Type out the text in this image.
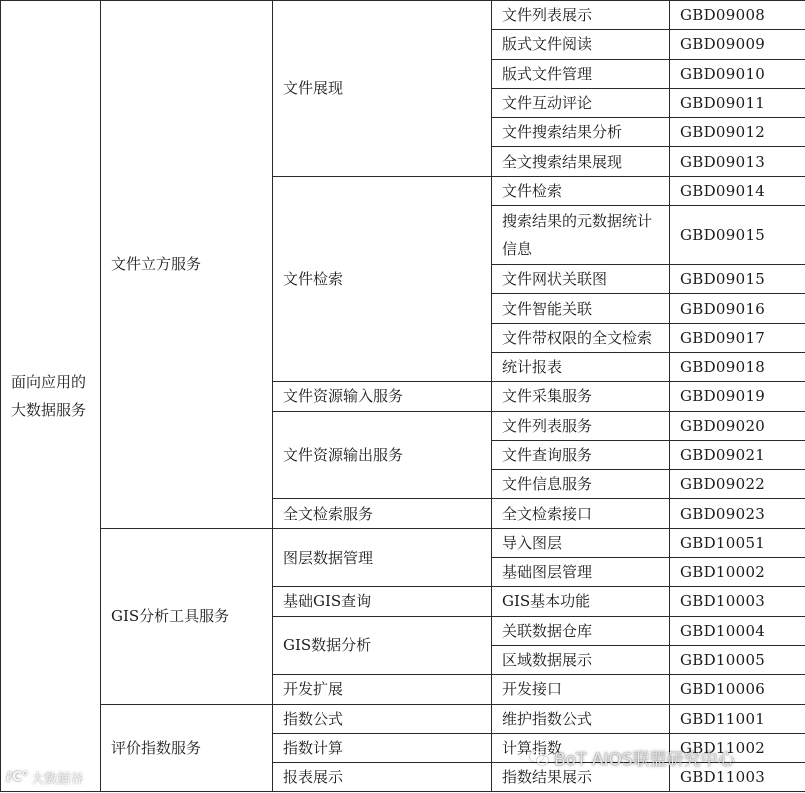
面向应用的大数据服务	文件立方服务	文件展现	文件列表展示	GBD09008
			版式文件阅读	GBD09009
			版式文件管理	GBD09010
			文件互动评论	GBD09011
			文件搜索结果分析	GBD09012
			全文搜索结果展现	GBD09013
		文件检索	文件检索	GBD09014
			搜索结果的元数据统计信息	GBD09015
			文件网状关联图	GBD09015
			文件智能关联	GBD09016
			文件带权限的全文检索	GBD09017
			统计报表	GBD09018
		文件资源输入服务	文件采集服务	GBD09019
		文件资源输出服务	文件列表服务	GBD09020
			文件查询服务	GBD09021
			文件信息服务	GBD09022
		全文检索服务	全文检索接口	GBD09023
	GIS分析工具服务	图层数据管理	导入图层	GBD10051
			基础图层管理	GBD10002
		基础GIS查询	GIS基本功能	GBD10003
		GIS数据分析	关联数据仓库	GBD10004
			区域数据展示	GBD10005
		开发扩展	开发接口	GBD10006
	评价指数服务	指数公式	维护指数公式	GBD11001
		指数计算	计算指数	GBD11002
		报表展示	指数结果展示	GBD11003
BoT AIOS联盟研究中心
ℓC° 大数据谷
